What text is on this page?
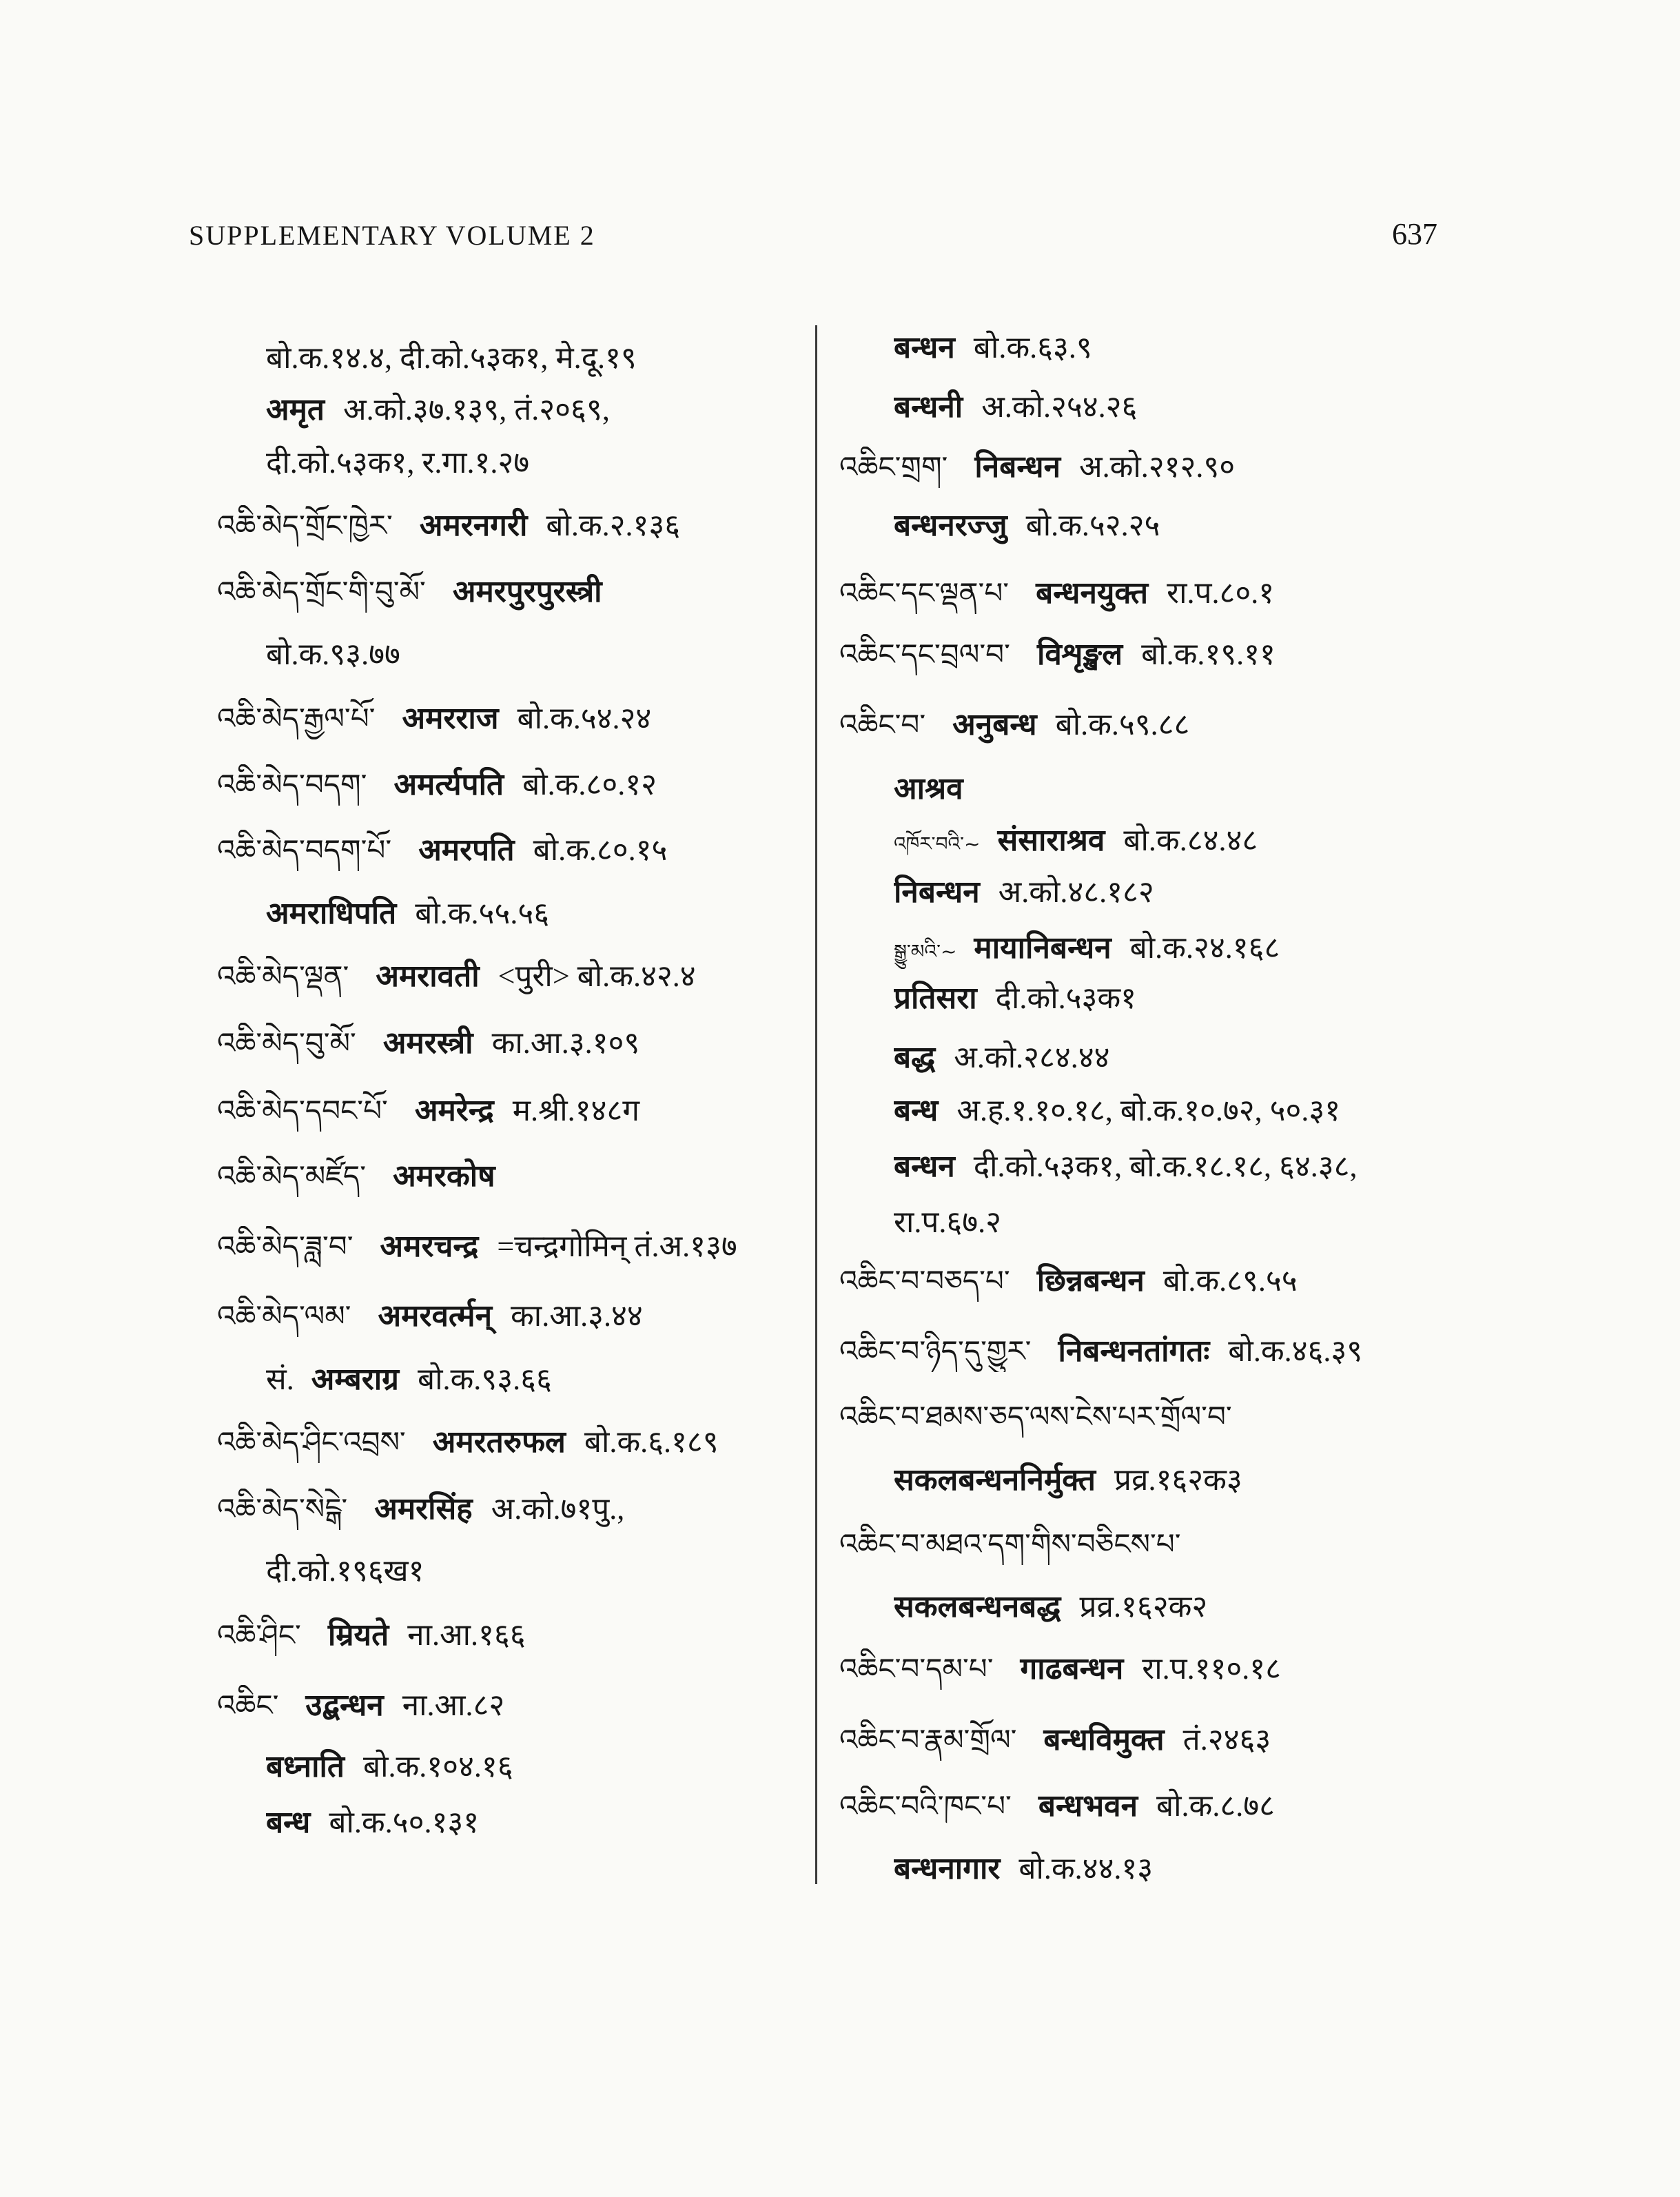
SUPPLEMENTARY VOLUME 2	637
बो.क.१४.४, दी.को.५३क१, मे.दू.१९
अमृत अ.को.३७.१३९, तं.२०६९,
दी.को.५३क१, र.गा.१.२७
འཆི་མེད་གྲོང་ཁྱེར་ अमरनगरी बो.क.२.१३६
འཆི་མེད་གྲོང་གི་བུ་མོ་ अमरपुरपुरस्त्री
बो.क.९३.७७
འཆི་མེད་རྒྱལ་པོ་ अमरराज बो.क.५४.२४
འཆི་མེད་བདག་ अमर्त्यपति बो.क.८०.१२
འཆི་མེད་བདག་པོ་ अमरपति बो.क.८०.१५
अमराधिपति बो.क.५५.५६
འཆི་མེད་ལྡན་ अमरावती <पुरी> बो.क.४२.४
འཆི་མེད་བུ་མོ་ अमरस्त्री का.आ.३.१०९
འཆི་མེད་དབང་པོ་ अमरेन्द्र म.श्री.१४८ग
འཆི་མེད་མཛོད་ अमरकोष
འཆི་མེད་ཟླ་བ་ अमरचन्द्र =चन्द्रगोमिन् तं.अ.१३७
འཆི་མེད་ལམ་ अमरवर्त्मन् का.आ.३.४४
सं. अम्बराग्र बो.क.९३.६६
འཆི་མེད་ཤིང་འབྲས་ अमरतरुफल बो.क.६.१८९
འཆི་མེད་སེངྒེ་ अमरसिंह अ.को.७१पु.,
दी.को.१९६ख१
འཆི་ཤིང་ म्रियते ना.आ.१६६
འཆིང་ उद्बन्धन ना.आ.८२
बध्नाति बो.क.१०४.१६
बन्ध बो.क.५०.१३१
बन्धन बो.क.६३.९
बन्धनी अ.को.२५४.२६
འཆིང་གྲག་ निबन्धन अ.को.२१२.९०
बन्धनरज्जु बो.क.५२.२५
འཆིང་དང་ལྡན་པ་ बन्धनयुक्त रा.प.८०.१
འཆིང་དང་བྲལ་བ་ विशृङ्खल बो.क.१९.११
འཆིང་བ་ अनुबन्ध बो.क.५९.८८
आश्रव
འཁོར་བའི་~ संसाराश्रव बो.क.८४.४८
निबन्धन अ.को.४८.१८२
སྒྱུ་མའི་~ मायानिबन्धन बो.क.२४.१६८
प्रतिसरा दी.को.५३क१
बद्ध अ.को.२८४.४४
बन्ध अ.ह.१.१०.१८, बो.क.१०.७२, ५०.३१
बन्धन दी.को.५३क१, बो.क.१८.१८, ६४.३८,
रा.प.६७.२
འཆིང་བ་བཅད་པ་ छिन्नबन्धन बो.क.८९.५५
འཆིང་བ་ཉིད་དུ་གྱུར་ निबन्धनतांगतः बो.क.४६.३९
འཆིང་བ་ཐམས་ཅད་ལས་ངེས་པར་གྲོལ་བ་
सकलबन्धननिर्मुक्त प्रव्र.१६२क३
འཆིང་བ་མཐའ་དག་གིས་བཅིངས་པ་
सकलबन्धनबद्ध प्रव्र.१६२क२
འཆིང་བ་དམ་པ་ गाढबन्धन रा.प.११०.१८
འཆིང་བ་རྣམ་གྲོལ་ बन्धविमुक्त तं.२४६३
འཆིང་བའི་ཁང་པ་ बन्धभवन बो.क.८.७८
बन्धनागार बो.क.४४.१३
